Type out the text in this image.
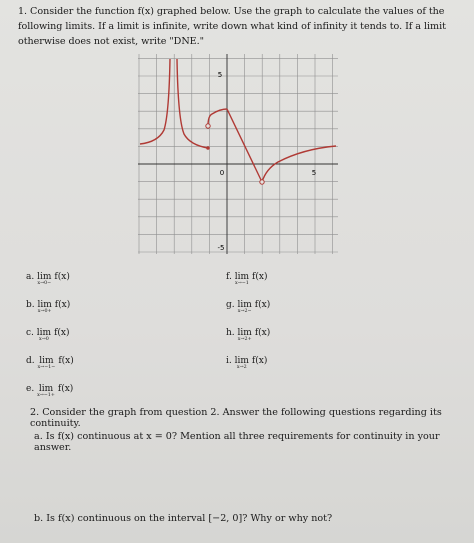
1. Consider the function f(x) graphed below. Use the graph to calculate the values of the following limits. If a limit is infinite, write down what kind of infinity it tends to. If a limit otherwise does not exist, write "DNE."
5
0	5
-5
a. lim
x→0−
f(x)
b. lim
x→0+
f(x)
c. lim
x→0
f(x)
d. lim
x→−1−
f(x)
e. lim
x→−1+
f(x)
f. lim
x→−1
f(x)
g. lim
x→2−
f(x)
h. lim
x→2+
f(x)
i. lim
x→2
f(x)
2. Consider the graph from question 2. Answer the following questions regarding its continuity.
a. Is f(x) continuous at x = 0? Mention all three requirements for continuity in your answer.
b. Is f(x) continuous on the interval [−2, 0]? Why or why not?
